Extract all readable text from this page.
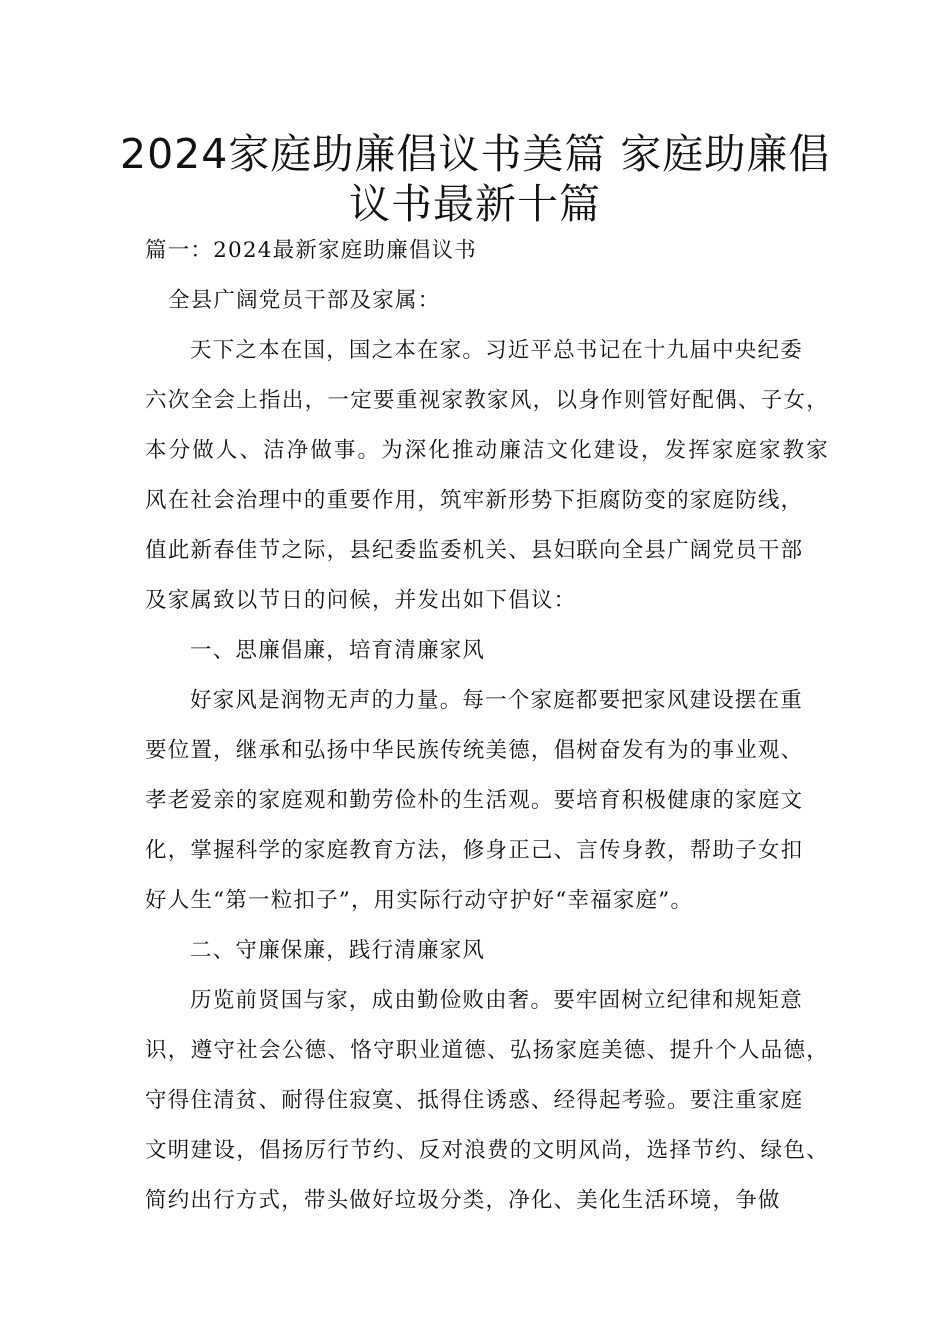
2024家庭助廉倡议书美篇 家庭助廉倡
议书最新十篇
篇一：2024最新家庭助廉倡议书
全县广阔党员干部及家属：
天下之本在国，国之本在家。习近平总书记在十九届中央纪委
六次全会上指出，一定要重视家教家风，以身作则管好配偶、子女，
本分做人、洁净做事。为深化推动廉洁文化建设，发挥家庭家教家
风在社会治理中的重要作用，筑牢新形势下拒腐防变的家庭防线，
值此新春佳节之际，县纪委监委机关、县妇联向全县广阔党员干部
及家属致以节日的问候，并发出如下倡议：
一、思廉倡廉，培育清廉家风
好家风是润物无声的力量。每一个家庭都要把家风建设摆在重
要位置，继承和弘扬中华民族传统美德，倡树奋发有为的事业观、
孝老爱亲的家庭观和勤劳俭朴的生活观。要培育积极健康的家庭文
化，掌握科学的家庭教育方法，修身正己、言传身教，帮助子女扣
好人生“第一粒扣子”，用实际行动守护好“幸福家庭”。
二、守廉保廉，践行清廉家风
历览前贤国与家，成由勤俭败由奢。要牢固树立纪律和规矩意
识，遵守社会公德、恪守职业道德、弘扬家庭美德、提升个人品德，
守得住清贫、耐得住寂寞、抵得住诱惑、经得起考验。要注重家庭
文明建设，倡扬厉行节约、反对浪费的文明风尚，选择节约、绿色、
简约出行方式，带头做好垃圾分类，净化、美化生活环境，争做
